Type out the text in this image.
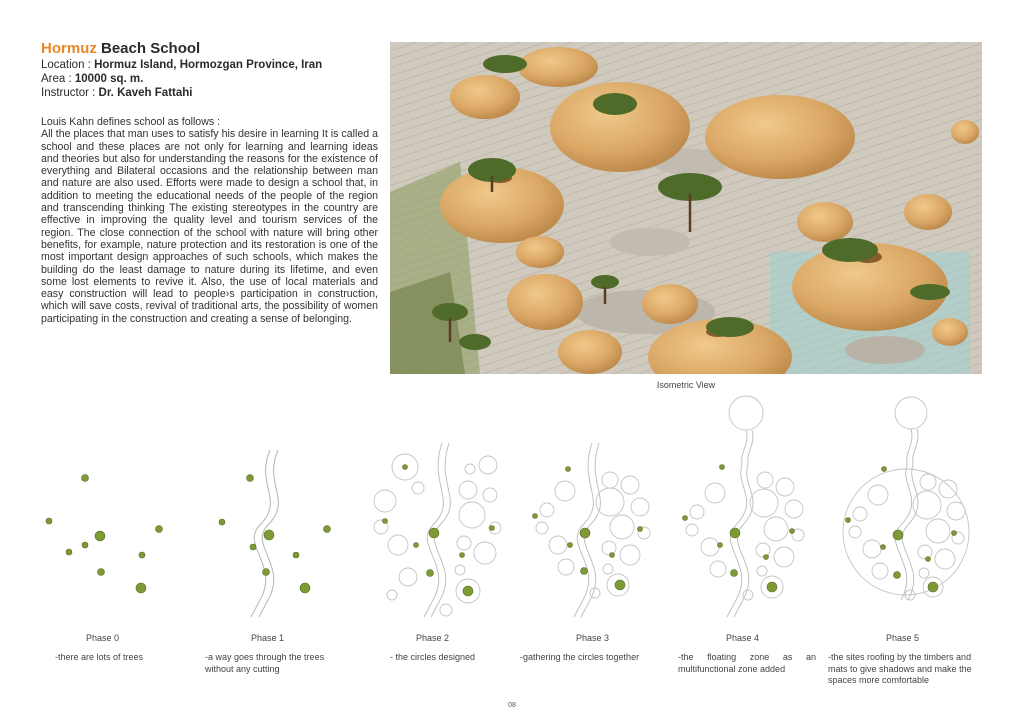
Hormuz Beach School
Location : Hormuz Island, Hormozgan Province, Iran
Area : 10000 sq. m.
Instructor : Dr. Kaveh Fattahi

Louis Kahn defines school as follows :

All the places that man uses to satisfy his desire in learning It is called a school and these places are not only for learning and learning ideas and theories but also for understanding the reasons for the existence of everything and Bilateral occasions and the relationship between man and nature are also used. Efforts were made to design a school that, in addition to meeting the educational needs of the people of the region and transcending thinking The existing stereotypes in the country are effective in improving the quality level and tourism services of the region. The close connection of the school with nature will bring other benefits, for example, nature protection and its restoration is one of the most important design approaches of such schools, which makes the building do the least damage to nature during its lifetime, and even some lost elements to revive it. Also, the use of local materials and easy construction will lead to people›s participation in construction, which will save costs, revival of traditional arts, the possibility of women participating in the construction and creating a sense of belonging.

Isometric View
Phase 0
-there are lots of trees
Phase 1
-a way goes through the trees without any cutting
Phase 2
- the circles designed
Phase 3
-gathering the circles together
Phase 4
-the floating zone as an multifunctional zone added
Phase 5
-the sites roofing by the timbers and mats to give shadows and make the spaces more comfortable
08
